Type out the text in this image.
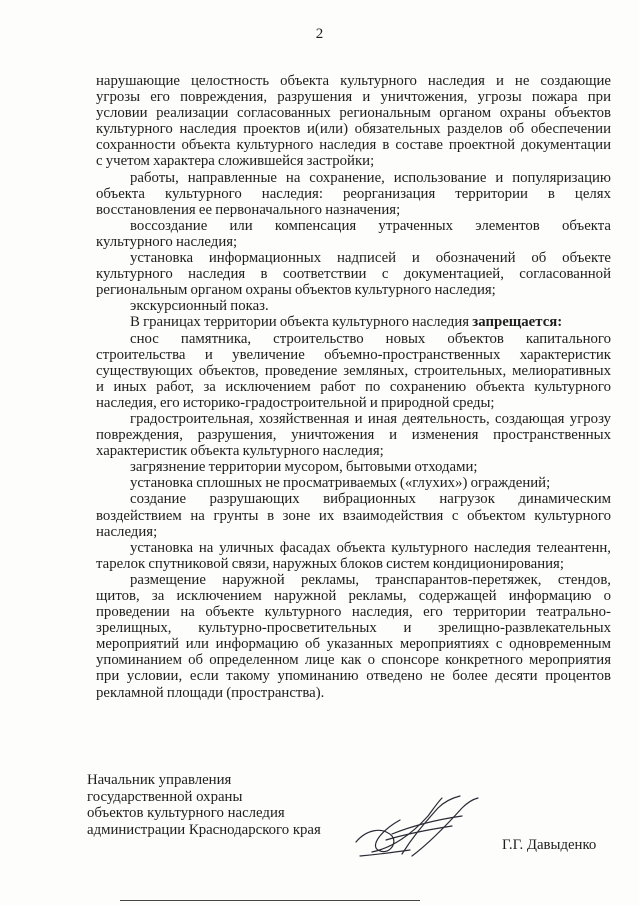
2
нарушающие целостность объекта культурного наследия и не создающие
угрозы его повреждения, разрушения и уничтожения, угрозы пожара при
условии реализации согласованных региональным органом охраны объектов
культурного наследия проектов и(или) обязательных разделов об обеспечении
сохранности объекта культурного наследия в составе проектной документации
с учетом характера сложившейся застройки;
работы, направленные на сохранение, использование и популяризацию
объекта культурного наследия: реорганизация территории в целях
восстановления ее первоначального назначения;
воссоздание или компенсация утраченных элементов объекта
культурного наследия;
установка информационных надписей и обозначений об объекте
культурного наследия в соответствии с документацией, согласованной
региональным органом охраны объектов культурного наследия;
экскурсионный показ.
В границах территории объекта культурного наследия запрещается:
снос памятника, строительство новых объектов капитального
строительства и увеличение объемно-пространственных характеристик
существующих объектов, проведение земляных, строительных, мелиоративных
и иных работ, за исключением работ по сохранению объекта культурного
наследия, его историко-градостроительной и природной среды;
градостроительная, хозяйственная и иная деятельность, создающая угрозу
повреждения, разрушения, уничтожения и изменения пространственных
характеристик объекта культурного наследия;
загрязнение территории мусором, бытовыми отходами;
установка сплошных не просматриваемых («глухих») ограждений;
создание разрушающих вибрационных нагрузок динамическим
воздействием на грунты в зоне их взаимодействия с объектом культурного
наследия;
установка на уличных фасадах объекта культурного наследия телеантенн,
тарелок спутниковой связи, наружных блоков систем кондиционирования;
размещение наружной рекламы, транспарантов-перетяжек, стендов,
щитов, за исключением наружной рекламы, содержащей информацию о
проведении на объекте культурного наследия, его территории театрально-
зрелищных, культурно-просветительных и зрелищно-развлекательных
мероприятий или информацию об указанных мероприятиях с одновременным
упоминанием об определенном лице как о спонсоре конкретного мероприятия
при условии, если такому упоминанию отведено не более десяти процентов
рекламной площади (пространства).
Начальник управления
государственной охраны
объектов культурного наследия
администрации Краснодарского края
Г.Г. Давыденко
